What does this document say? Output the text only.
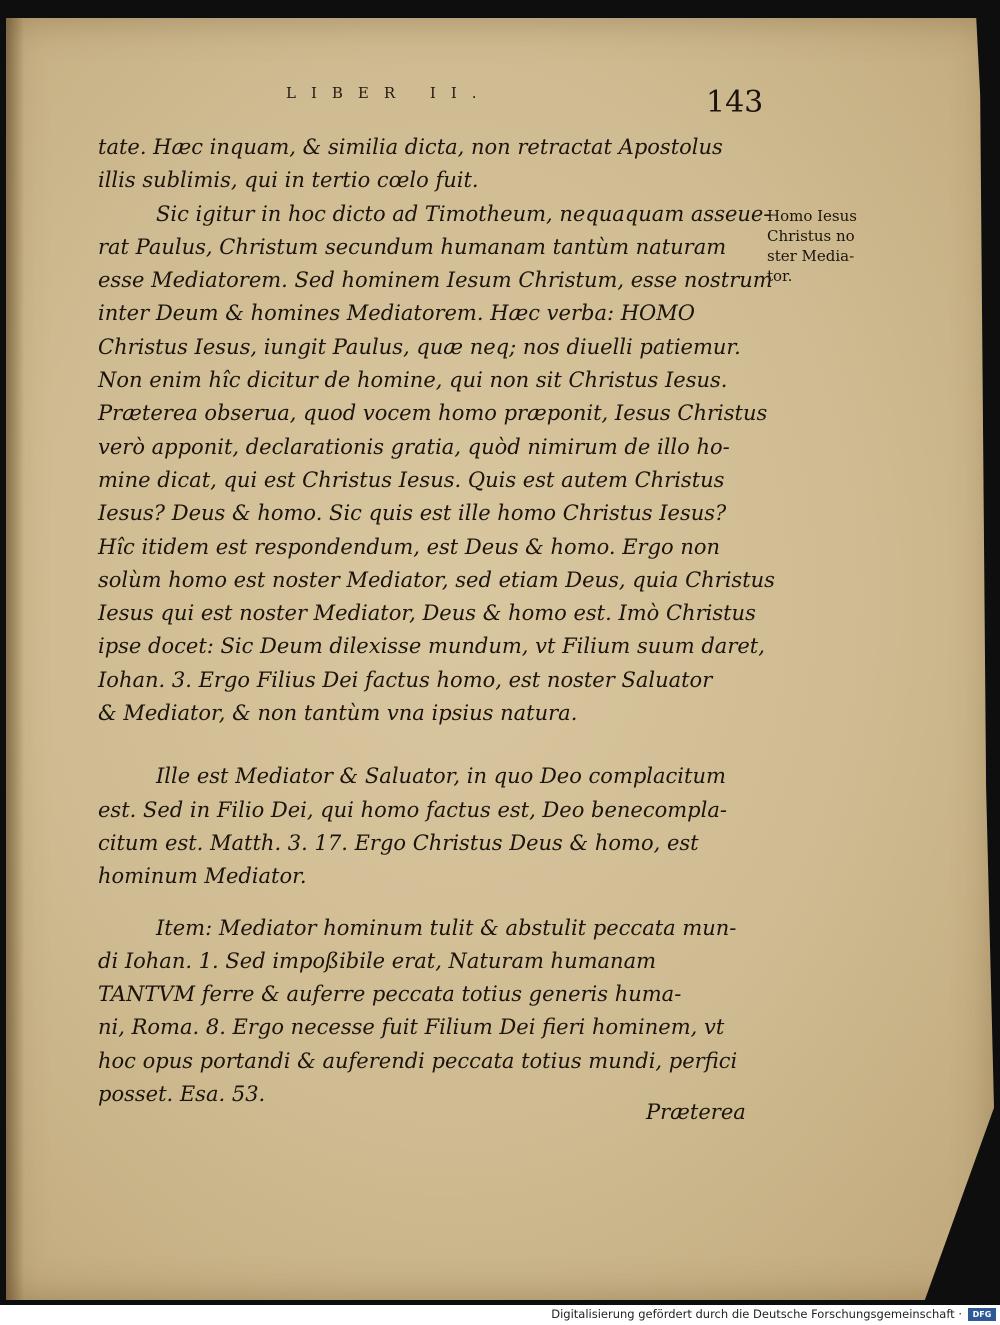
LIBER II.	143
tate. Hæc inquam, & similia dicta, non retractat Apostolus
illis sublimis, qui in tertio cœlo fuit.
Sic igitur in hoc dicto ad Timotheum, nequaquam asseue-
rat Paulus, Christum secundum humanam tantùm naturam
esse Mediatorem. Sed hominem Iesum Christum, esse nostrum
inter Deum & homines Mediatorem. Hæc verba: HOMO
Christus Iesus, iungit Paulus, quæ neq; nos diuelli patiemur.
Non enim hîc dicitur de homine, qui non sit Christus Iesus.
Præterea obserua, quod vocem homo præponit, Iesus Christus
verò apponit, declarationis gratia, quòd nimirum de illo ho-
mine dicat, qui est Christus Iesus. Quis est autem Christus
Iesus? Deus & homo. Sic quis est ille homo Christus Iesus?
Hîc itidem est respondendum, est Deus & homo. Ergo non
solùm homo est noster Mediator, sed etiam Deus, quia Christus
Iesus qui est noster Mediator, Deus & homo est. Imò Christus
ipse docet: Sic Deum dilexisse mundum, vt Filium suum daret,
Iohan. 3. Ergo Filius Dei factus homo, est noster Saluator
& Mediator, & non tantùm vna ipsius natura.
Ille est Mediator & Saluator, in quo Deo complacitum
est. Sed in Filio Dei, qui homo factus est, Deo benecompla-
citum est. Matth. 3. 17. Ergo Christus Deus & homo, est
hominum Mediator.
Item: Mediator hominum tulit & abstulit peccata mun-
di Iohan. 1. Sed impoßibile erat, Naturam humanam
TANTVM ferre & auferre peccata totius generis huma-
ni, Roma. 8. Ergo necesse fuit Filium Dei fieri hominem, vt
hoc opus portandi & auferendi peccata totius mundi, perfici
posset. Esa. 53.
Homo Iesus
Christus no
ster Media-
tor.
Præterea
Digitalisierung gefördert durch die Deutsche Forschungsgemeinschaft ·	DFG
